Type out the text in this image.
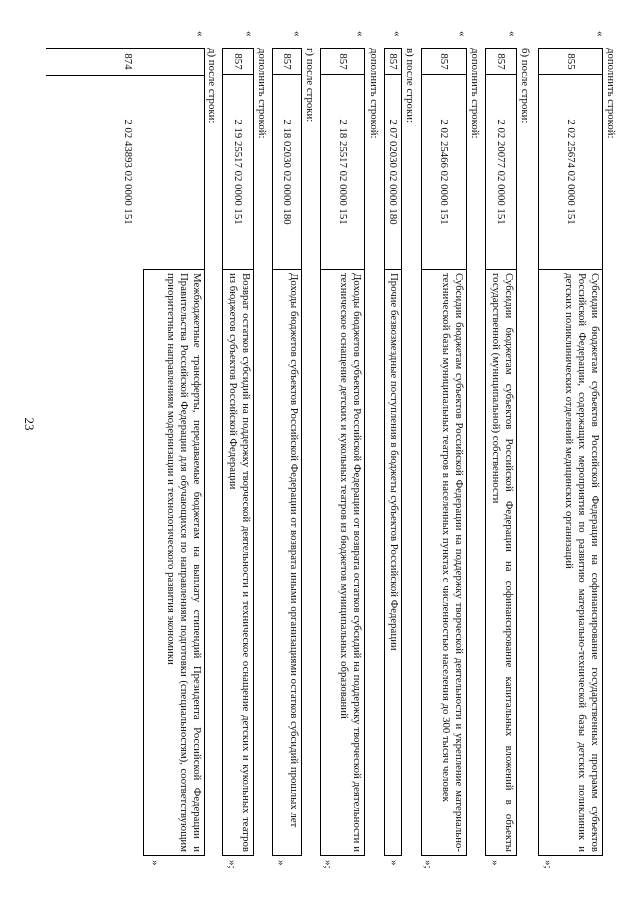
23
дополнить строкой:
б) после строки:
дополнить строкой:
в) после строки:
дополнить строкой:
г) после строки:
дополнить строкой:
д) после строки:
«
855
2 02 25674 02 0000 151
Субсидии бюджетам субъектов Российской Федерации на софинансирование государственных программ субъектов Российской Федерации, содержащих мероприятия по развитию материально-технической базы детских поликлиник и детских поликлинических отделений медицинских организаций
»;
«
857
2 02 20077 02 0000 151
Субсидии бюджетам субъектов Российской Федерации на софинансирование капитальных вложений в объекты государственной (муниципальной) собственности
»
«
857
2 02 25466 02 0000 151
Субсидии бюджетам субъектов Российской Федерации на поддержку творческой деятельности и укрепление материально-технической базы муниципальных театров в населенных пунктах с численностью населения до 300 тысяч человек
»;
«
857
2 07 02030 02 0000 180
Прочие безвозмездные поступления в бюджеты субъектов Российской Федерации
»
«
857
2 18 25517 02 0000 151
Доходы бюджетов субъектов Российской Федерации от возврата остатков субсидий на поддержку творческой деятельности и техническое оснащение детских и кукольных театров из бюджетов муниципальных образований
»;
«
857
2 18 02030 02 0000 180
Доходы бюджетов субъектов Российской Федерации от возврата иными организациями остатков субсидий прошлых лет
»
«
857
2 19 25517 02 0000 151
Возврат остатков субсидий на поддержку творческой деятельности и техническое оснащение детских и кукольных театров из бюджетов субъектов Российской Федерации
»;
«
874
2 02 43893 02 0000 151
Межбюджетные трансферты, передаваемые бюджетам на выплату стипендий Президента Российской Федерации и Правительства Российской Федерации для обучающихся по направлениям подготовки (специальностям), соответствующим приоритетным направлениям модернизации и технологического развития экономики
»
